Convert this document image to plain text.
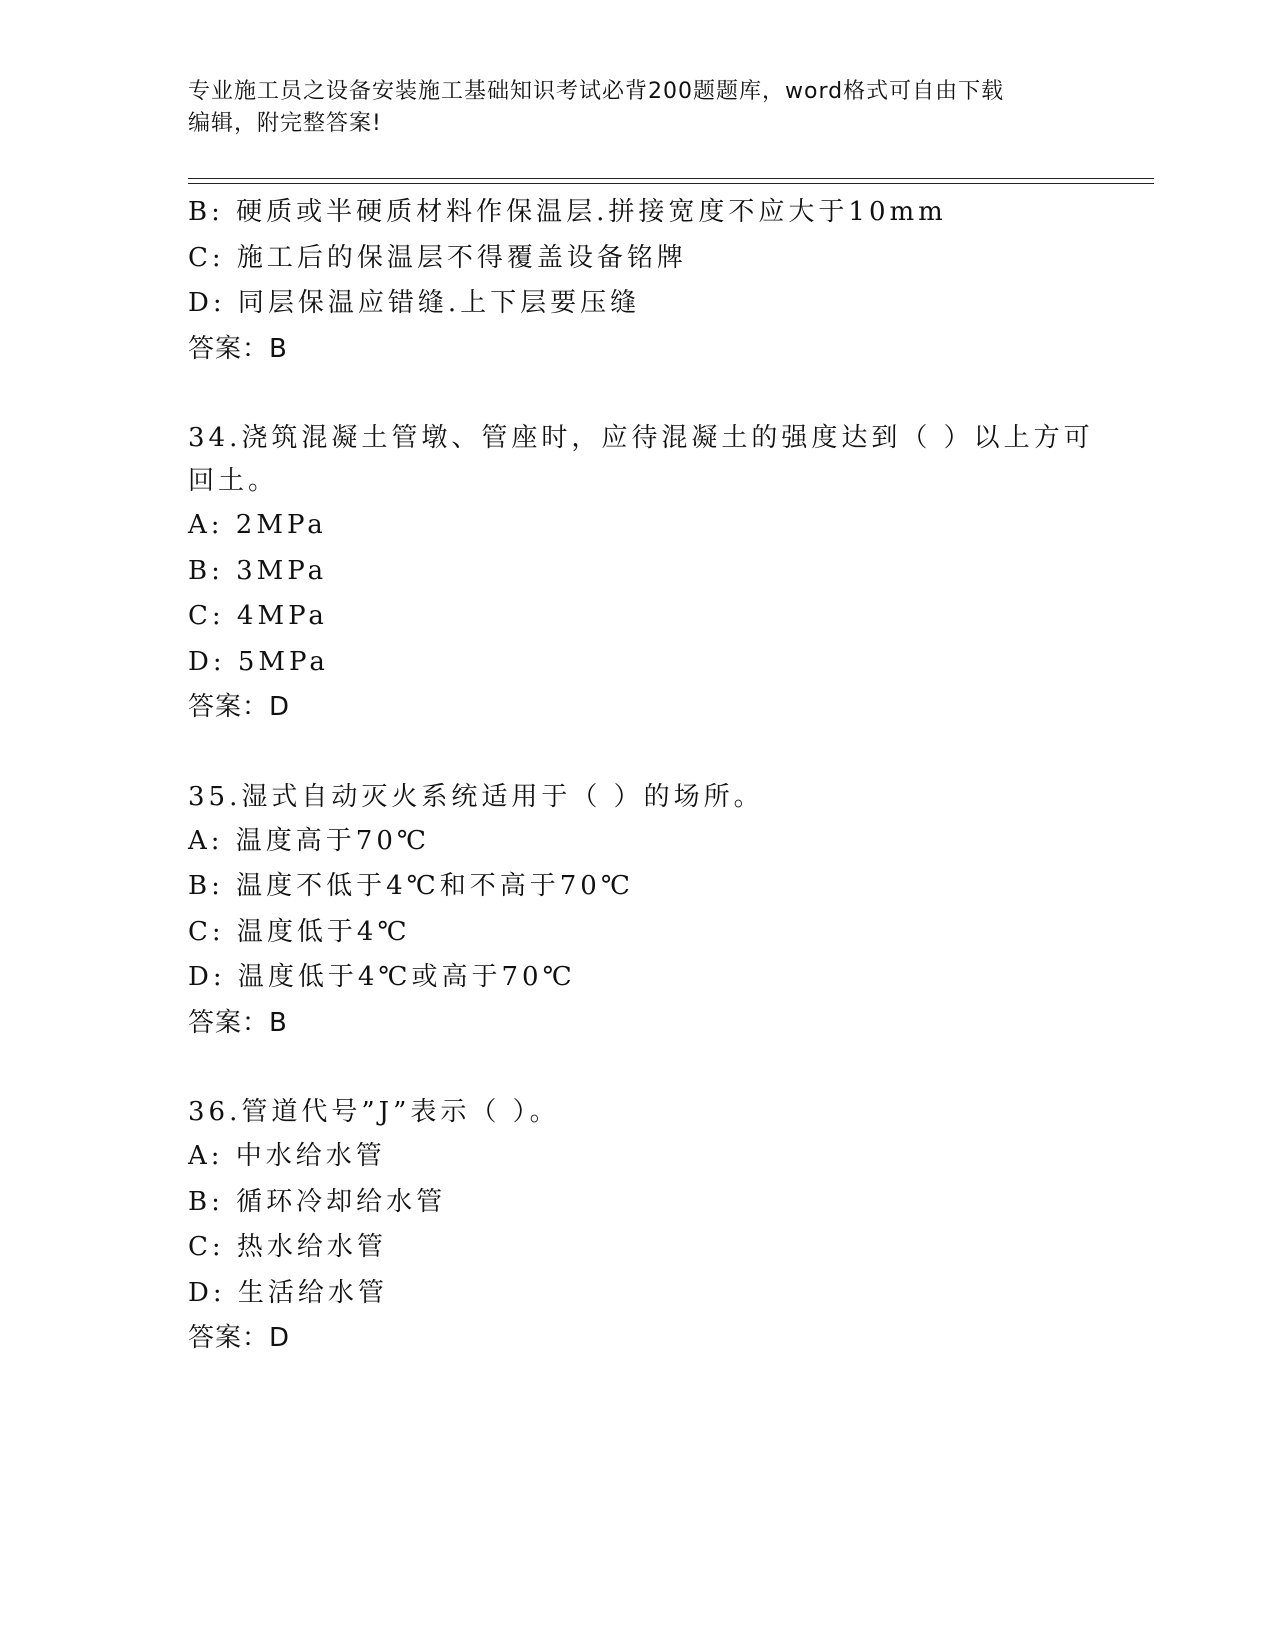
专业施工员之设备安装施工基础知识考试必背200题题库，word格式可自由下载
编辑，附完整答案!
B: 硬质或半硬质材料作保温层.拼接宽度不应大于10mm
C: 施工后的保温层不得覆盖设备铭牌
D: 同层保温应错缝.上下层要压缝
答案：B
34.浇筑混凝土管墩、管座时，应待混凝土的强度达到（ ）以上方可
回土。
A: 2MPa
B: 3MPa
C: 4MPa
D: 5MPa
答案：D
35.湿式自动灭火系统适用于（ ）的场所。
A: 温度高于70℃
B: 温度不低于4℃和不高于70℃
C: 温度低于4℃
D: 温度低于4℃或高于70℃
答案：B
36.管道代号”J”表示（ ）。
A: 中水给水管
B: 循环冷却给水管
C: 热水给水管
D: 生活给水管
答案：D
